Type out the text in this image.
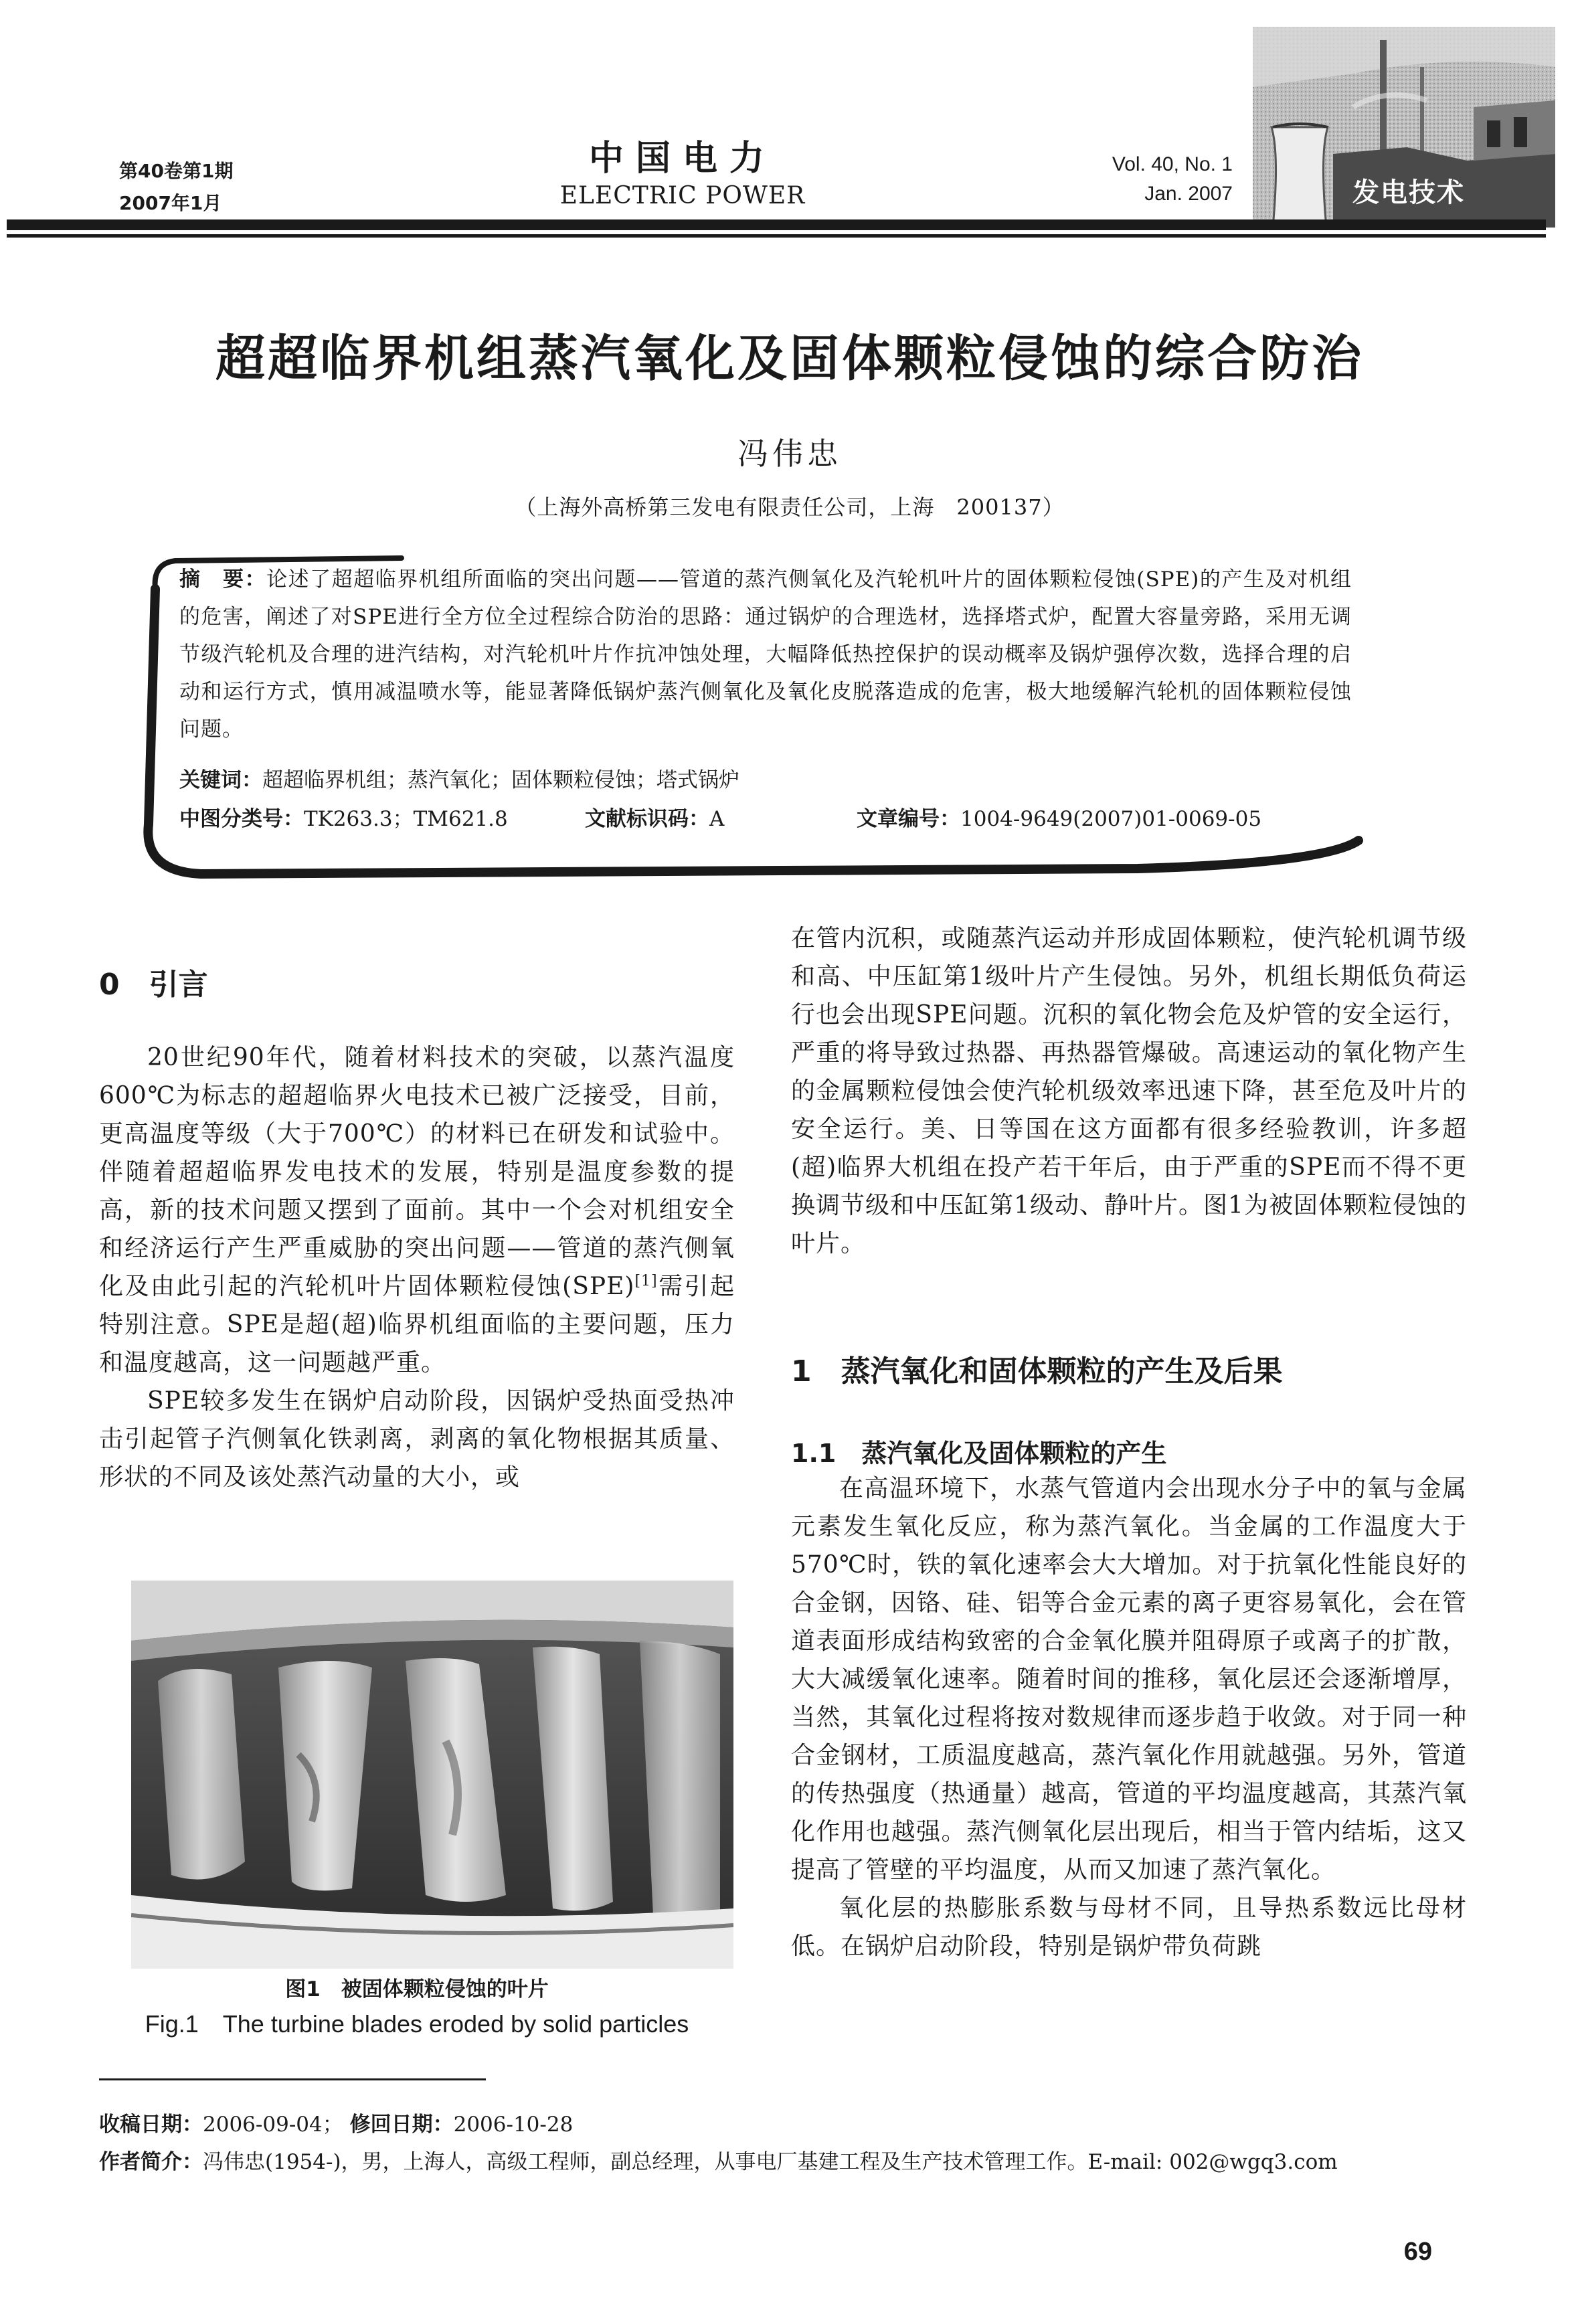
第40卷第1期
2007年1月
中国电力
ELECTRIC POWER
Vol. 40, No. 1
Jan. 2007	发电技术
超超临界机组蒸汽氧化及固体颗粒侵蚀的综合防治
冯伟忠
（上海外高桥第三发电有限责任公司，上海　200137）
摘　要：论述了超超临界机组所面临的突出问题——管道的蒸汽侧氧化及汽轮机叶片的固体颗粒侵蚀(SPE)的产生及对机组的危害，阐述了对SPE进行全方位全过程综合防治的思路：通过锅炉的合理选材，选择塔式炉，配置大容量旁路，采用无调节级汽轮机及合理的进汽结构，对汽轮机叶片作抗冲蚀处理，大幅降低热控保护的误动概率及锅炉强停次数，选择合理的启动和运行方式，慎用减温喷水等，能显著降低锅炉蒸汽侧氧化及氧化皮脱落造成的危害，极大地缓解汽轮机的固体颗粒侵蚀问题。
关键词：超超临界机组；蒸汽氧化；固体颗粒侵蚀；塔式锅炉
中图分类号：TK263.3；TM621.8	文献标识码：A	文章编号：1004-9649(2007)01-0069-05
0　引言

20世纪90年代，随着材料技术的突破，以蒸汽温度600℃为标志的超超临界火电技术已被广泛接受，目前，更高温度等级（大于700℃）的材料已在研发和试验中。伴随着超超临界发电技术的发展，特别是温度参数的提高，新的技术问题又摆到了面前。其中一个会对机组安全和经济运行产生严重威胁的突出问题——管道的蒸汽侧氧化及由此引起的汽轮机叶片固体颗粒侵蚀(SPE)[1]需引起特别注意。SPE是超(超)临界机组面临的主要问题，压力和温度越高，这一问题越严重。

SPE较多发生在锅炉启动阶段，因锅炉受热面受热冲击引起管子汽侧氧化铁剥离，剥离的氧化物根据其质量、形状的不同及该处蒸汽动量的大小，或

图1　被固体颗粒侵蚀的叶片
Fig.1　The turbine blades eroded by solid particles

在管内沉积，或随蒸汽运动并形成固体颗粒，使汽轮机调节级和高、中压缸第1级叶片产生侵蚀。另外，机组长期低负荷运行也会出现SPE问题。沉积的氧化物会危及炉管的安全运行，严重的将导致过热器、再热器管爆破。高速运动的氧化物产生的金属颗粒侵蚀会使汽轮机级效率迅速下降，甚至危及叶片的安全运行。美、日等国在这方面都有很多经验教训，许多超(超)临界大机组在投产若干年后，由于严重的SPE而不得不更换调节级和中压缸第1级动、静叶片。图1为被固体颗粒侵蚀的叶片。

1　蒸汽氧化和固体颗粒的产生及后果
1.1　蒸汽氧化及固体颗粒的产生

在高温环境下，水蒸气管道内会出现水分子中的氧与金属元素发生氧化反应，称为蒸汽氧化。当金属的工作温度大于570℃时，铁的氧化速率会大大增加。对于抗氧化性能良好的合金钢，因铬、硅、铝等合金元素的离子更容易氧化，会在管道表面形成结构致密的合金氧化膜并阻碍原子或离子的扩散，大大减缓氧化速率。随着时间的推移，氧化层还会逐渐增厚，当然，其氧化过程将按对数规律而逐步趋于收敛。对于同一种合金钢材，工质温度越高，蒸汽氧化作用就越强。另外，管道的传热强度（热通量）越高，管道的平均温度越高，其蒸汽氧化作用也越强。蒸汽侧氧化层出现后，相当于管内结垢，这又提高了管壁的平均温度，从而又加速了蒸汽氧化。

氧化层的热膨胀系数与母材不同，且导热系数远比母材低。在锅炉启动阶段，特别是锅炉带负荷跳

收稿日期：2006-09-04； 修回日期：2006-10-28
作者简介：冯伟忠(1954-)，男，上海人，高级工程师，副总经理，从事电厂基建工程及生产技术管理工作。E-mail: 002@wgq3.com
69
